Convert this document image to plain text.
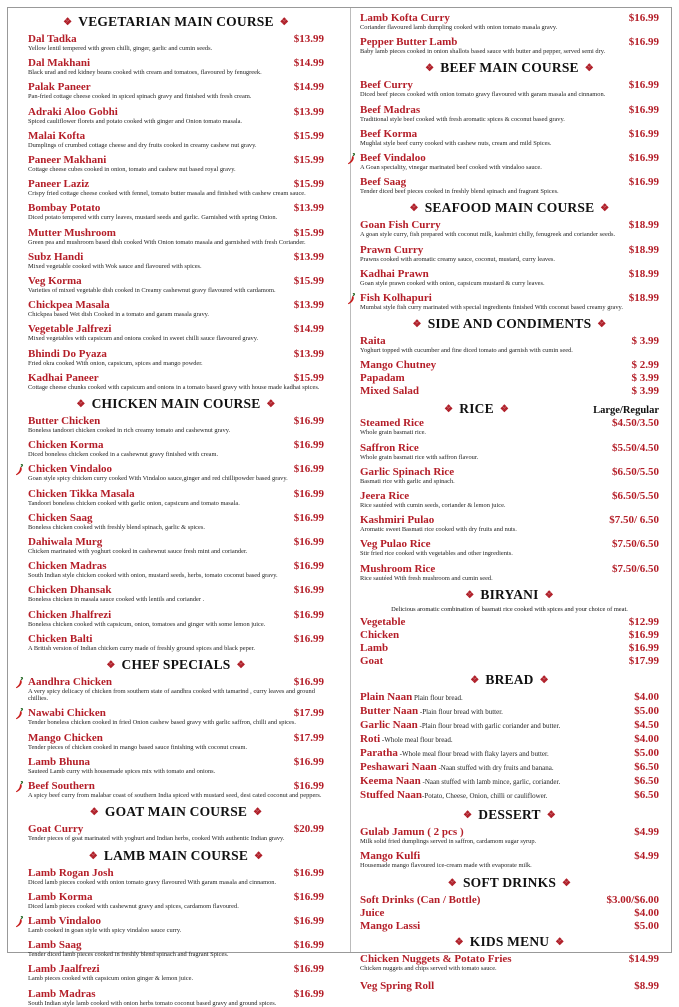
❖ VEGETARIAN MAIN COURSE ❖
Dal Tadka	$13.99
Yellow lentil tempered with green chilli, ginger, garlic and cumin seeds.
Dal Makhani	$14.99
Black urad and red kidney beans cooked with cream and tomatoes, flavoured by fenugreek.
Palak Paneer	$14.99
Pan-fried cottage cheese cooked in spiced spinach gravy and finished with fresh cream.
Adraki Aloo Gobhi	$13.99
Spiced cauliflower florets and potato cooked with ginger and Onion tomato masala.
Malai Kofta	$15.99
Dumplings of crumbed cottage cheese and dry fruits cooked in creamy cashew nut gravy.
Paneer Makhani	$15.99
Cottage cheese cubes cooked in onion, tomato and cashew nut based royal gravy.
Paneer Laziz	$15.99
Crispy fried cottage cheese cooked with fennel, tomato butter masala and finished with cashew cream sauce.
Bombay Potato	$13.99
Diced potato tempered with curry leaves, mustard seeds and garlic. Garnished with spring Onion.
Mutter Mushroom	$15.99
Green pea and mushroom based dish cooked With Onion tomato masala and garnished with fresh Coriander.
Subz Handi	$13.99
Mixed vegetable cooked with Wok sauce and flavoured with spices.
Veg Korma	$15.99
Varieties of mixed vegetable dish cooked in Creamy cashewnut gravy flavoured with cardamom.
Chickpea Masala	$13.99
Chickpea based Wet dish Cooked in a tomato and garam masala gravy.
Vegetable Jalfrezi	$14.99
Mixed vegetables with capsicum and onions cooked in sweet chilli sauce flavoured gravy.
Bhindi Do Pyaza	$13.99
Fried okra cooked With onion, capsicum, spices and mango powder.
Kadhai Paneer	$15.99
Cottage cheese chunks cooked with capsicum and onions in a tomato based gravy with house made kadhai spices.
❖ CHICKEN MAIN COURSE ❖
Butter Chicken	$16.99
Boneless tandoori chicken cooked in rich creamy tomato and cashewnut gravy.
Chicken Korma	$16.99
Diced boneless chicken cooked in a cashewnut gravy finished with cream.
Chicken Vindaloo	$16.99
Goan style spicy chicken curry cooked With Vindaloo sauce,ginger and red chillipowder based gravy.
Chicken Tikka Masala	$16.99
Tandoori boneless chicken cooked with garlic onion, capsicum and tomato masala.
Chicken Saag	$16.99
Boneless chicken cooked with freshly blend spinach, garlic & spices.
Dahiwala Murg	$16.99
Chicken marinated with yoghurt cooked in cashewnut sauce fresh mint and coriander.
Chicken Madras	$16.99
South Indian style chicken cooked with onion, mustard seeds, herbs, tomato coconut based gravy.
Chicken Dhansak	$16.99
Boneless chicken in masala sauce cooked with lentils and coriander .
Chicken Jhalfrezi	$16.99
Boneless chicken cooked with capsicum, onion, tomatoes and ginger with some lemon juice.
Chicken Balti	$16.99
A British version of Indian chicken curry made of freshly ground spices and black peper.
❖ CHEF SPECIALS ❖
Aandhra Chicken	$16.99
A very spicy delicacy of chicken from southern state of aandhra cooked with tamarind , curry leaves and ground chillies.
Nawabi Chicken	$17.99
Tender boneless chicken cooked in fried Onion cashew based gravy with garlic saffron, chilli and spices.
Mango Chicken	$17.99
Tender pieces of chicken cooked in mango based sauce finishing with coconut cream.
Lamb Bhuna	$16.99
Sauteed Lamb curry with housemade spices mix with tomato and onions.
Beef Southern	$16.99
A spicy beef curry from malabar coast of southern India spiced with mustard seed, desi cated coconut and peppers.
❖ GOAT MAIN COURSE ❖
Goat Curry	$20.99
Tender pieces of goat marinated with yoghurt and Indian herbs, cooked With authentic Indian gravy.
❖ LAMB MAIN COURSE ❖
Lamb Rogan Josh	$16.99
Diced lamb pieces cooked with onion tomato gravy flavoured With garam masala and cinnamon.
Lamb Korma	$16.99
Diced lamb pieces cooked with cashewnut gravy and spices, cardamom flavoured.
Lamb Vindaloo	$16.99
Lamb cooked in goan style with spicy vindaloo sauce curry.
Lamb Saag	$16.99
Tender diced lamb pieces cooked in freshly blend spinach and fragrant Spices.
Lamb Jaalfrezi	$16.99
Lamb pieces cooked with capsicum onion ginger & lemon juice.
Lamb Madras	$16.99
South Indian style lamb cooked with onion herbs tomato coconut based gravy and ground spices.
Lamb Kofta Curry	$16.99
Coriander flavoured lamb dumpling cooked with onion tomato masala gravy.
Pepper Butter Lamb	$16.99
Baby lamb pieces cooked in onion shallots based sauce with butter and pepper, served semi dry.
❖ BEEF MAIN COURSE ❖
Beef Curry	$16.99
Diced beef pieces cooked with onion tomato gravy flavoured with garam masala and cinnamon.
Beef Madras	$16.99
Traditional style beef cooked with fresh aromatic spices & coconut based gravy.
Beef Korma	$16.99
Mughlai style beef curry cooked with cashew nuts, cream and mild Spices.
Beef Vindaloo	$16.99
A Goan speciality, vinegar marinated beef cooked with vindaloo sauce.
Beef Saag	$16.99
Tender diced beef pieces cooked in freshly blend spinach and fragrant Spices.
❖ SEAFOOD MAIN COURSE ❖
Goan Fish Curry	$18.99
A goan style curry, fish prepared with coconut milk, kashmiri chilly, fenugreek and coriander seeds.
Prawn Curry	$18.99
Prawns cooked with aromatic creamy sauce, coconut, mustard, curry leaves.
Kadhai Prawn	$18.99
Goan style prawn cooked with onion, capsicum mustard & curry leaves.
Fish Kolhapuri	$18.99
Mumbai style fish curry marinated with special ingredients finished With coconut based creamy gravy.
❖ SIDE AND CONDIMENTS ❖
Raita	$ 3.99
Yoghurt topped with cucumber and fine diced tomato and garnish with cumin seed.
Mango Chutney	$ 2.99
Papadam	$ 3.99
Mixed Salad	$ 3.99
❖ RICE ❖	Large/Regular
Steamed Rice	$4.50/3.50
Whole grain basmati rice.
Saffron Rice	$5.50/4.50
Whole grain basmati rice with saffron flavour.
Garlic Spinach Rice	$6.50/5.50
Basmati rice with garlic and spinach.
Jeera Rice	$6.50/5.50
Rice sautéed with cumin seeds, coriander & lemon juice.
Kashmiri Pulao	$7.50/ 6.50
Aromatic sweet Basmati rice cooked with dry fruits and nuts.
Veg Pulao Rice	$7.50/6.50
Stir fried rice cooked with vegetables and other ingredients.
Mushroom Rice	$7.50/6.50
Rice sautéed With fresh mushroom and cumin seed.
❖ BIRYANI ❖
Delicious aromatic combination of basmati rice cooked with spices and your choice of meat.
Vegetable	$12.99
Chicken	$16.99
Lamb	$16.99
Goat	$17.99
❖ BREAD ❖
Plain Naan Plain flour bread.	$4.00
Butter Naan -Plain flour bread with butter.	$5.00
Garlic Naan -Plain flour bread with garlic coriander and butter.	$4.50
Roti -Whole meal flour bread.	$4.00
Paratha -Whole meal flour bread with flaky layers and butter.	$5.00
Peshawari Naan -Naan stuffed with dry fruits and banana.	$6.50
Keema Naan -Naan stuffed with lamb mince, garlic, coriander.	$6.50
Stuffed Naan-Potato, Cheese, Onion, chilli or cauliflower.	$6.50
❖ DESSERT ❖
Gulab Jamun ( 2 pcs )	$4.99
Milk solid fried dumplings served in saffron, cardamom sugar syrup.
Mango Kulfi	$4.99
Housemade mango flavoured ice-cream made with evaporate milk.
❖ SOFT DRINKS ❖
Soft Drinks (Can / Bottle)	$3.00/$6.00
Juice	$4.00
Mango Lassi	$5.00
❖ KIDS MENU ❖
Chicken Nuggets & Potato Fries	$14.99
Chicken nuggets and chips served with tomato sauce.
Veg Spring Roll	$8.99
